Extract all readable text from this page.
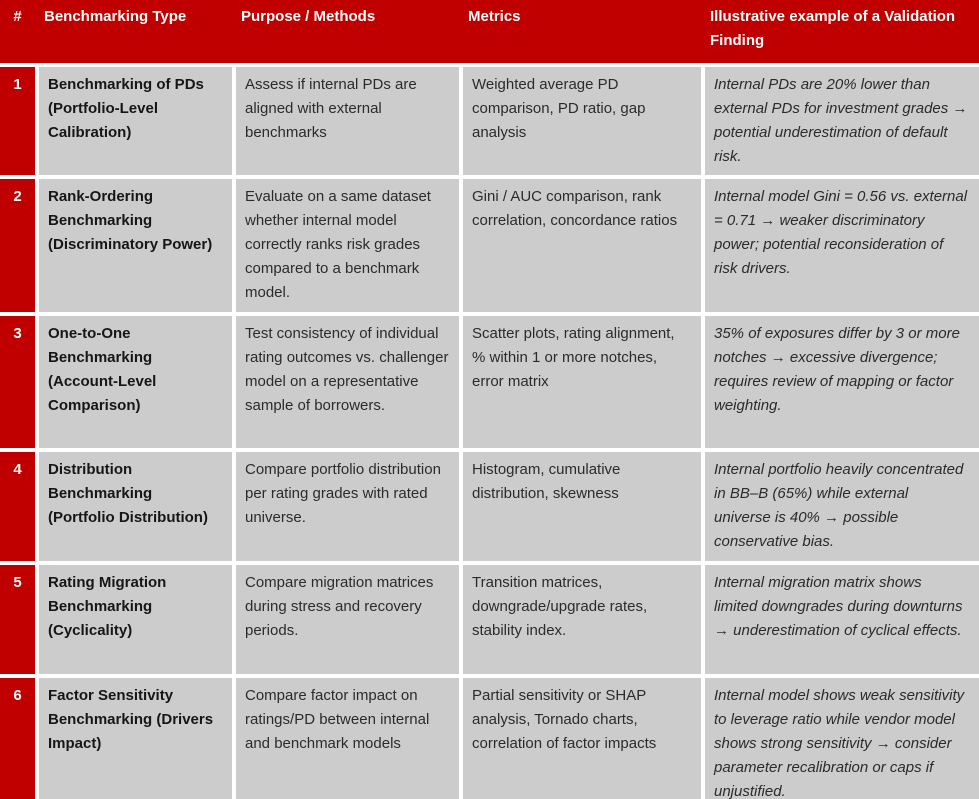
#	Benchmarking Type	Purpose / Methods	Metrics	Illustrative example of a Validation Finding
1	Benchmarking of PDs (Portfolio-Level Calibration)	Assess if internal PDs are aligned with external benchmarks	Weighted average PD comparison, PD ratio, gap analysis	Internal PDs are 20% lower than external PDs for investment grades → potential underestimation of default risk.
2	Rank-Ordering Benchmarking (Discriminatory Power)	Evaluate on a same dataset whether internal model correctly ranks risk grades compared to a benchmark model.	Gini / AUC comparison, rank correlation, concordance ratios	Internal model Gini = 0.56 vs. external = 0.71 → weaker discriminatory power; potential reconsideration of risk drivers.
3	One-to-One Benchmarking (Account-Level Comparison)	Test consistency of individual rating outcomes vs. challenger model on a representative sample of borrowers.	Scatter plots, rating alignment, % within 1 or more notches, error matrix	35% of exposures differ by 3 or more notches → excessive divergence; requires review of mapping or factor weighting.
4	Distribution Benchmarking (Portfolio Distribution)	Compare portfolio distribution per rating grades with rated universe.	Histogram, cumulative distribution, skewness	Internal portfolio heavily concentrated in BB–B (65%) while external universe is 40% → possible conservative bias.
5	Rating Migration Benchmarking (Cyclicality)	Compare migration matrices during stress and recovery periods.	Transition matrices, downgrade/upgrade rates, stability index.	Internal migration matrix shows limited downgrades during downturns → underestimation of cyclical effects.
6	Factor Sensitivity Benchmarking (Drivers Impact)	Compare factor impact on ratings/PD between internal and benchmark models	Partial sensitivity or SHAP analysis, Tornado charts, correlation of factor impacts	Internal model shows weak sensitivity to leverage ratio while vendor model shows strong sensitivity → consider parameter recalibration or caps if unjustified.
